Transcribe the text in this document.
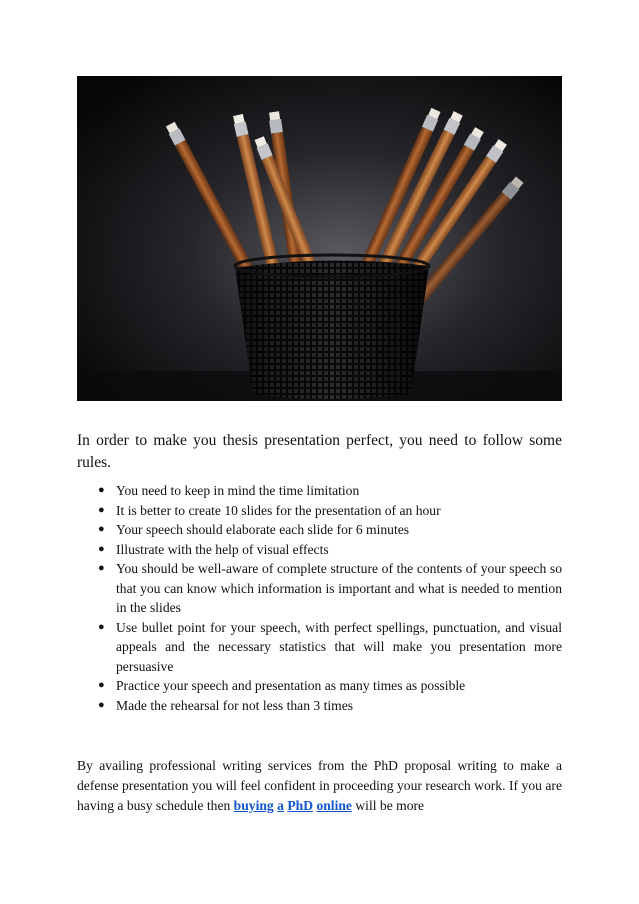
In order to make you thesis presentation perfect, you need to follow some rules.

● You need to keep in mind the time limitation
● It is better to create 10 slides for the presentation of an hour
● Your speech should elaborate each slide for 6 minutes
● Illustrate with the help of visual effects
● You should be well-aware of complete structure of the contents of your speech so that you can know which information is important and what is needed to mention in the slides
● Use bullet point for your speech, with perfect spellings, punctuation, and visual appeals and the necessary statistics that will make you presentation more persuasive
● Practice your speech and presentation as many times as possible
● Made the rehearsal for not less than 3 times

By availing professional writing services from the PhD proposal writing to make a defense presentation you will feel confident in proceeding your research work. If you are having a busy schedule then buying a PhD online will be more
